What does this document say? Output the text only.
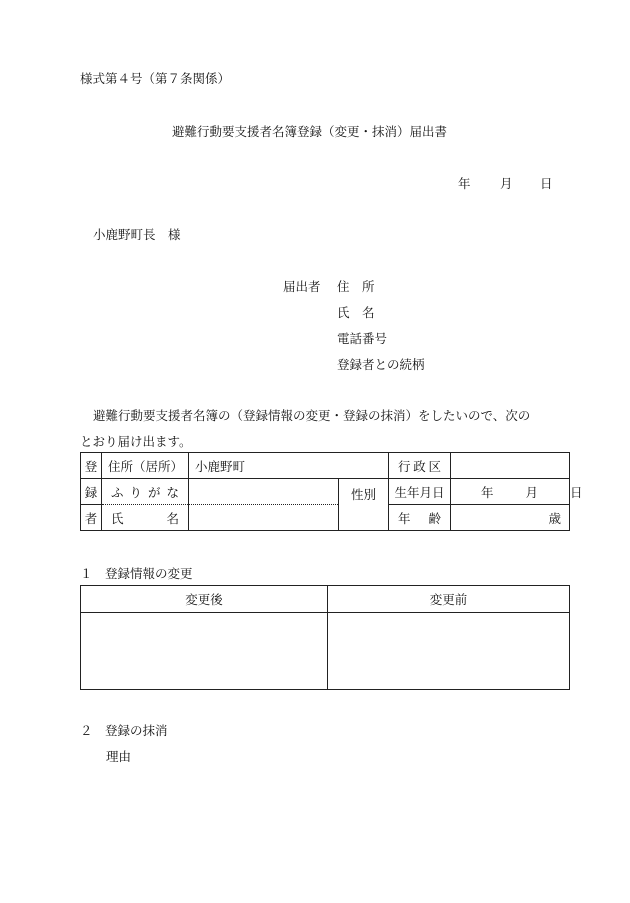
様式第４号（第７条関係）
避難行動要支援者名簿登録（変更・抹消）届出書
年 月 日
小鹿野町長　様
届出者 住　所
氏　名
電話番号
登録者との続柄
避難行動要支援者名簿の（登録情報の変更・登録の抹消）をしたいので、次の
とおり届け出ます。
登	住所（居所）	小鹿野町		行政区	
録	ふりがな		性別	生年月日	年 月 日
者	氏名			年齢	歳
１　登録情報の変更
変更後	変更前

２　登録の抹消
理由
